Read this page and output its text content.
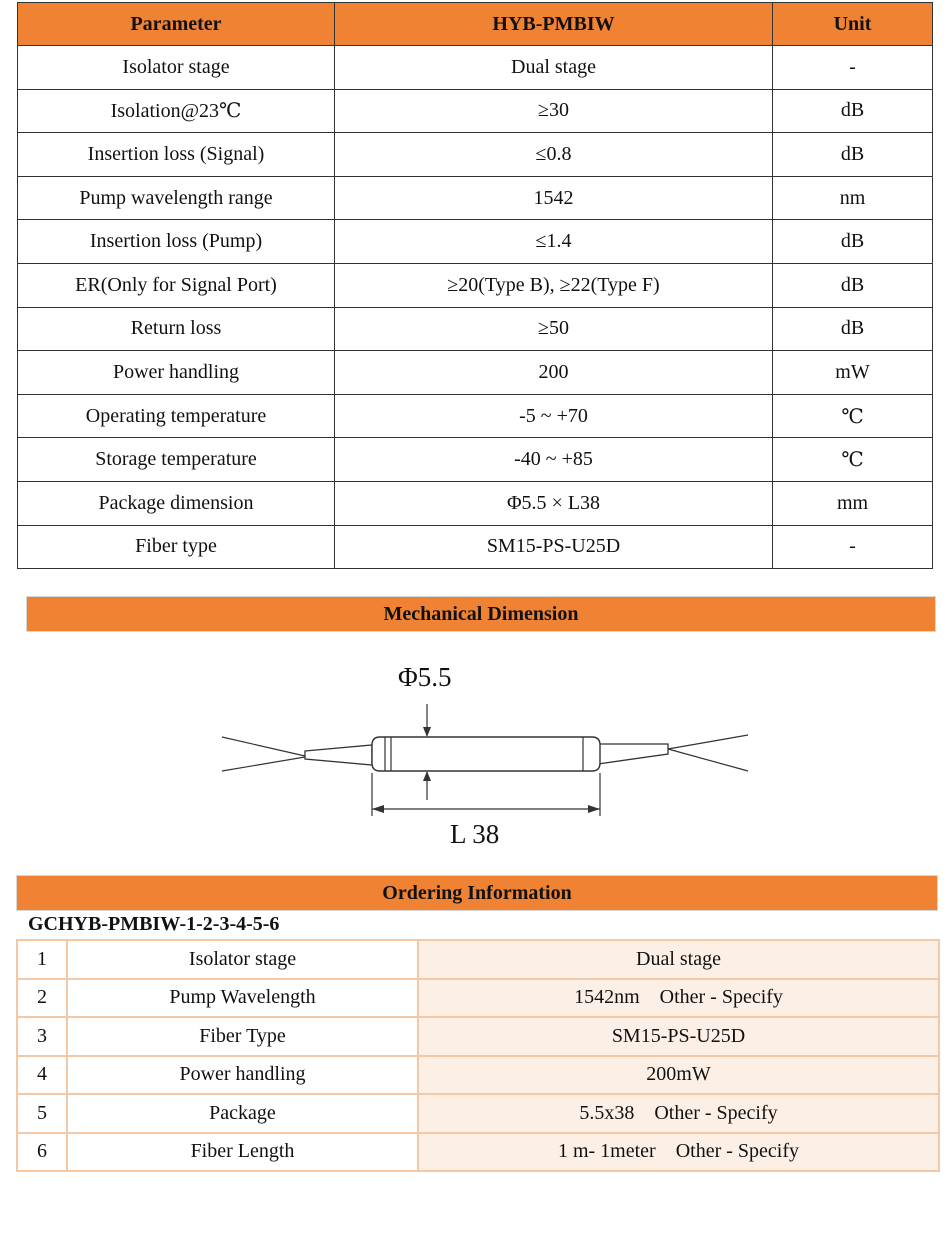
Parameter	HYB-PMBIW	Unit
Isolator stage	Dual stage	-
Isolation@23℃	≥30	dB
Insertion loss (Signal)	≤0.8	dB
Pump wavelength range	1542	nm
Insertion loss (Pump)	≤1.4	dB
ER(Only for Signal Port)	≥20(Type B), ≥22(Type F)	dB
Return loss	≥50	dB
Power handling	200	mW
Operating temperature	-5 ~ +70	℃
Storage temperature	-40 ~ +85	℃
Package dimension	Φ5.5 × L38	mm
Fiber type	SM15-PS-U25D	-
Mechanical Dimension
Φ5.5
L 38
Ordering Information
GCHYB-PMBIW-1-2-3-4-5-6
1	Isolator stage	Dual stage
2	Pump Wavelength	1542nm    Other - Specify
3	Fiber Type	SM15-PS-U25D
4	Power handling	200mW
5	Package	5.5x38    Other - Specify
6	Fiber Length	1 m- 1meter    Other - Specify
